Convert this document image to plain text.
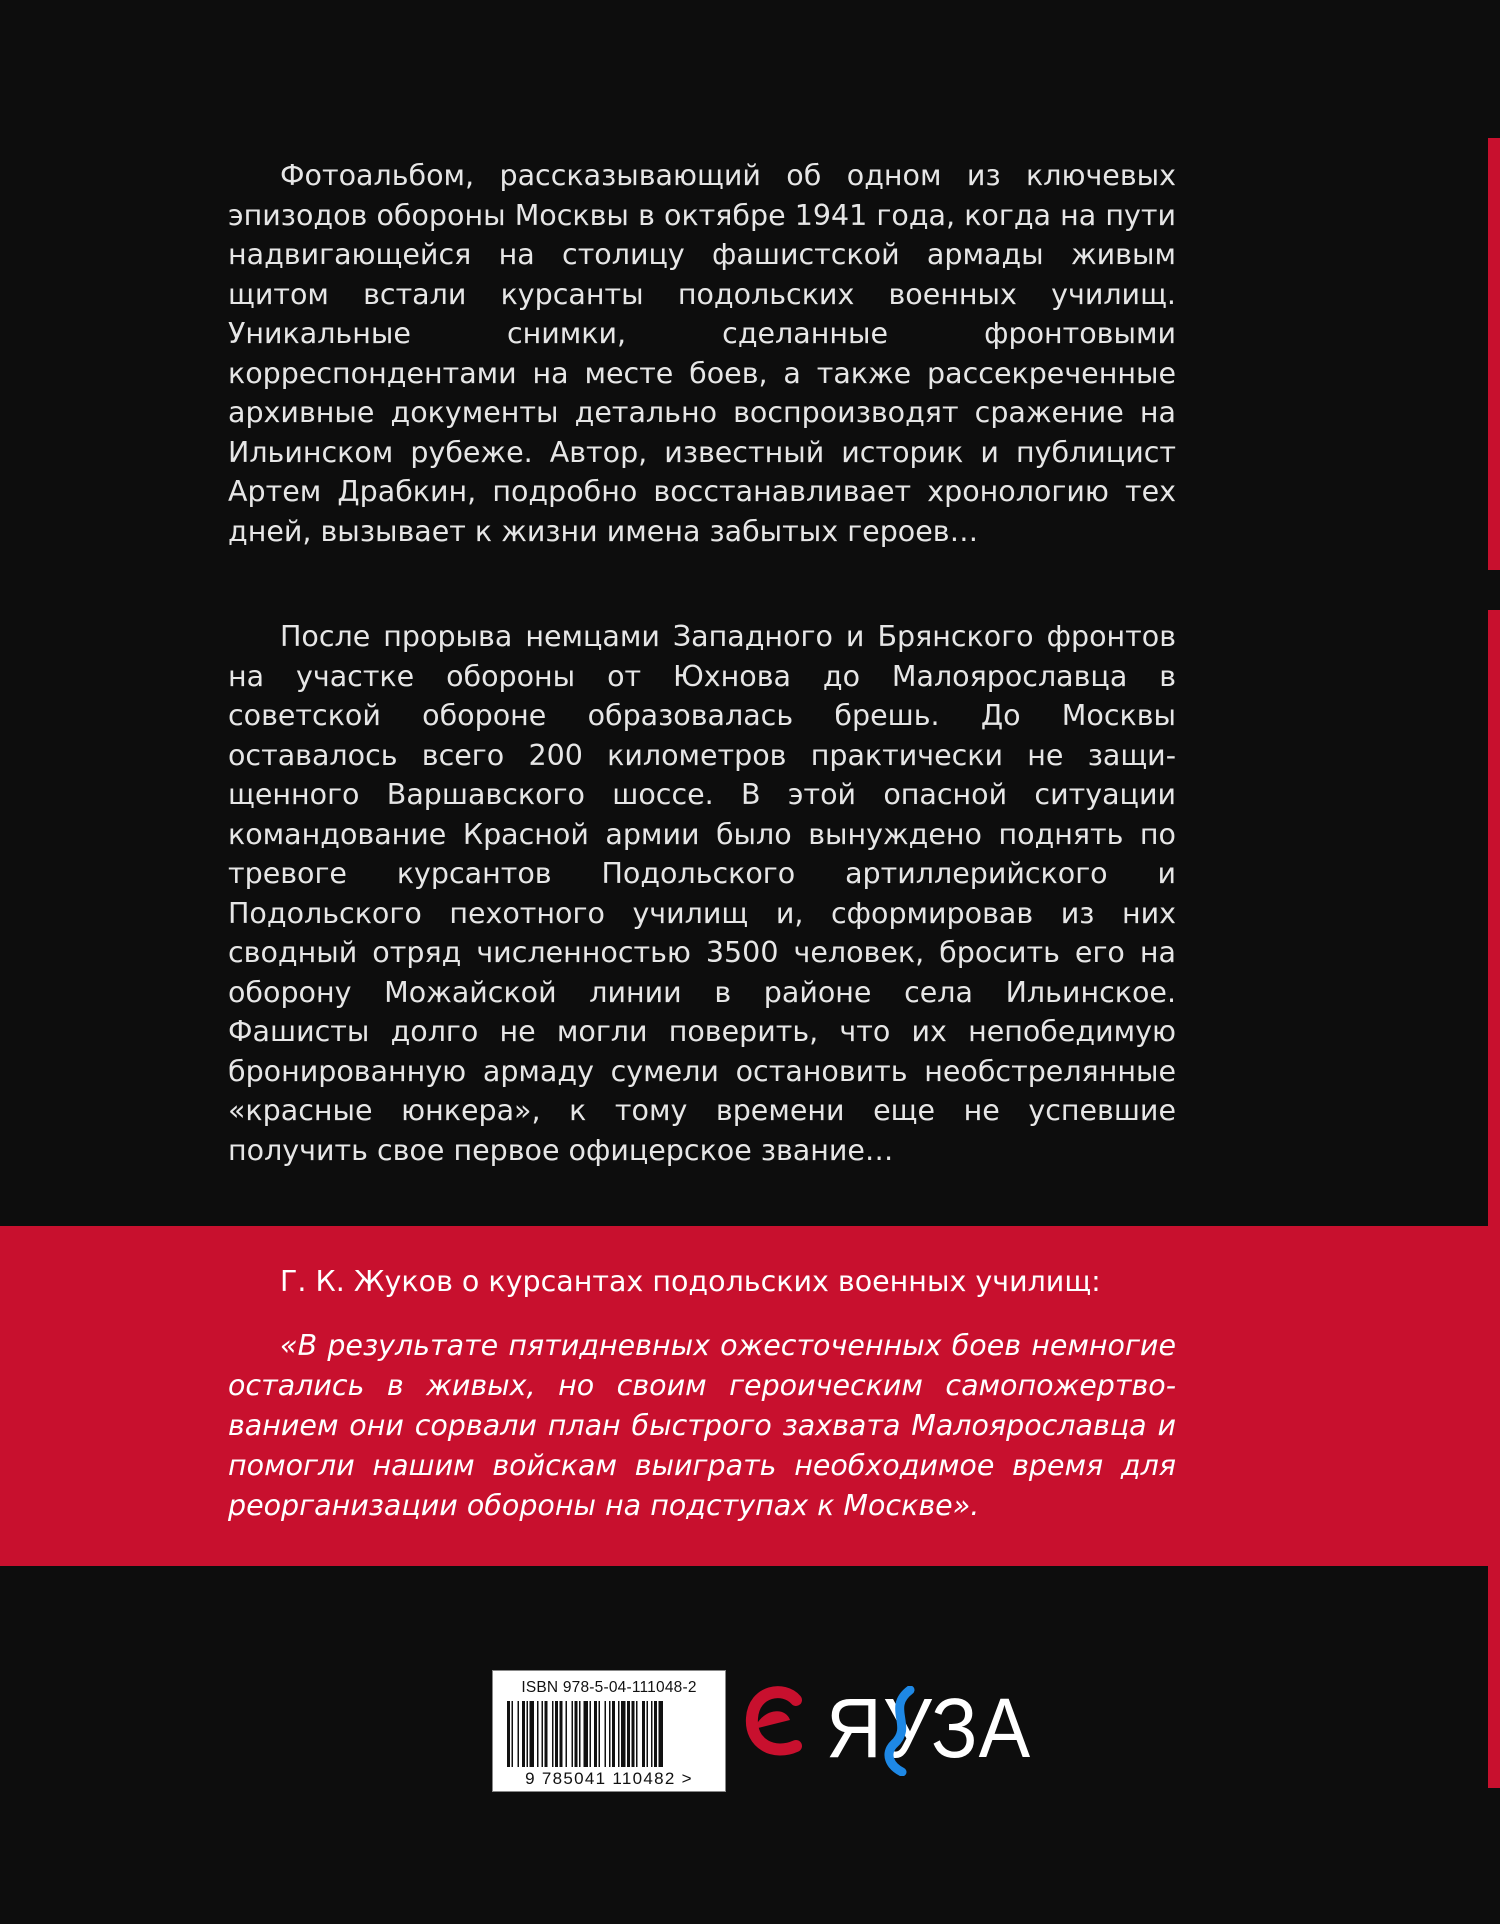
Фотоальбом, рассказывающий об одном из ключевых эпизодов обороны Москвы в октябре 1941 года, когда на пути надвигающейся на столицу фашистской армады живым щитом встали курсанты подольских военных училищ. Уникальные снимки, сделанные фронтовыми корреспондентами на месте боев, а также рассекреченные архивные документы детально воспроизводят сражение на Ильинском рубеже. Автор, известный историк и публицист Артем Драбкин, подробно восстанавливает хронологию тех дней, вызывает к жизни имена забытых героев…

После прорыва немцами Западного и Брянского фронтов на участке обороны от Юхнова до Малоярославца в советской обороне образовалась брешь. До Москвы оставалось всего 200 километров практически не защищенного Варшавского шоссе. В этой опасной ситуации командование Красной армии было вынуждено поднять по тревоге курсантов Подольского артиллерийского и Подольского пехотного училищ и, сформировав из них сводный отряд численностью 3500 человек, бросить его на оборону Можайской линии в районе села Ильинское. Фашисты долго не могли поверить, что их непобедимую бронированную армаду сумели остановить необстрелянные «красные юнкера», к тому времени еще не успевшие получить свое первое офицерское звание…

Г. К. Жуков о курсантах подольских военных училищ:

«В результате пятидневных ожесточенных боев немногие остались в живых, но своим героическим самопожертвованием они сорвали план быстрого захвата Малоярославца и помогли нашим войскам выиграть необходимое время для реорганизации обороны на подступах к Москве».

ISBN 978-5-04-111048-2
9 785041 110482 >
ЯУЗА
